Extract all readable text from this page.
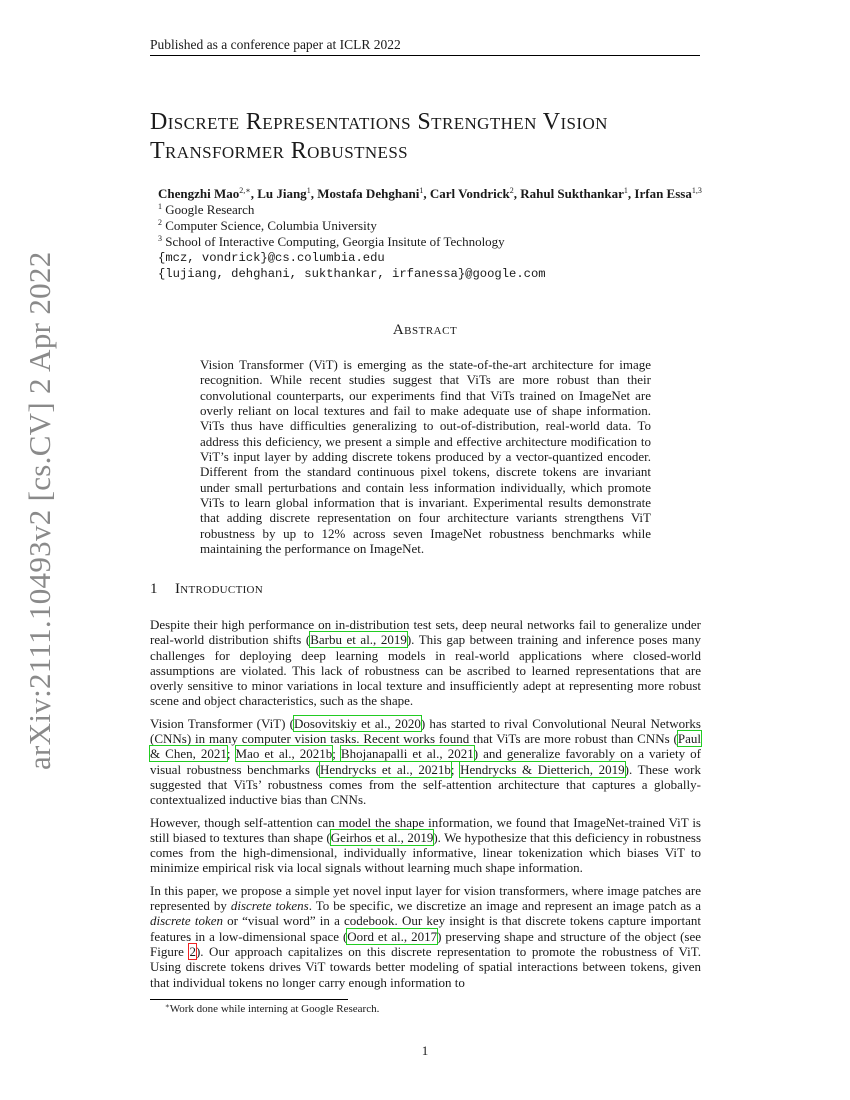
Published as a conference paper at ICLR 2022
arXiv:2111.10493v2 [cs.CV] 2 Apr 2022
Discrete Representations Strengthen Vision
Transformer Robustness
Chengzhi Mao$^{2,∗}$, Lu Jiang$^1$, Mostafa Dehghani$^1$, Carl Vondrick$^2$, Rahul Sukthankar$^1$, Irfan Essa$^{1,3}$
$^1$ Google Research
$^2$ Computer Science, Columbia University
$^3$ School of Interactive Computing, Georgia Insitute of Technology
{mcz, vondrick}@cs.columbia.edu
{lujiang, dehghani, sukthankar, irfanessa}@google.com
Abstract
Vision Transformer (ViT) is emerging as the state-of-the-art architecture for image recognition. While recent studies suggest that ViTs are more robust than their convolutional counterparts, our experiments find that ViTs trained on ImageNet are overly reliant on local textures and fail to make adequate use of shape information. ViTs thus have difficulties generalizing to out-of-distribution, real-world data. To address this deficiency, we present a simple and effective architecture modification to ViT’s input layer by adding discrete tokens produced by a vector-quantized encoder. Different from the standard continuous pixel tokens, discrete tokens are invariant under small perturbations and contain less information individually, which promote ViTs to learn global information that is invariant. Experimental results demonstrate that adding discrete representation on four architecture variants strengthens ViT robustness by up to 12% across seven ImageNet robustness benchmarks while maintaining the performance on ImageNet.
1 Introduction

Despite their high performance on in-distribution test sets, deep neural networks fail to generalize under real-world distribution shifts (Barbu et al., 2019). This gap between training and inference poses many challenges for deploying deep learning models in real-world applications where closed-world assumptions are violated. This lack of robustness can be ascribed to learned representations that are overly sensitive to minor variations in local texture and insufficiently adept at representing more robust scene and object characteristics, such as the shape.

Vision Transformer (ViT) (Dosovitskiy et al., 2020) has started to rival Convolutional Neural Networks (CNNs) in many computer vision tasks. Recent works found that ViTs are more robust than CNNs (Paul & Chen, 2021; Mao et al., 2021b; Bhojanapalli et al., 2021) and generalize favorably on a variety of visual robustness benchmarks (Hendrycks et al., 2021b; Hendrycks & Dietterich, 2019). These work suggested that ViTs’ robustness comes from the self-attention architecture that captures a globally-contextualized inductive bias than CNNs.

However, though self-attention can model the shape information, we found that ImageNet-trained ViT is still biased to textures than shape (Geirhos et al., 2019). We hypothesize that this deficiency in robustness comes from the high-dimensional, individually informative, linear tokenization which biases ViT to minimize empirical risk via local signals without learning much shape information.

In this paper, we propose a simple yet novel input layer for vision transformers, where image patches are represented by discrete tokens. To be specific, we discretize an image and represent an image patch as a discrete token or “visual word” in a codebook. Our key insight is that discrete tokens capture important features in a low-dimensional space (Oord et al., 2017) preserving shape and structure of the object (see Figure 2). Our approach capitalizes on this discrete representation to promote the robustness of ViT. Using discrete tokens drives ViT towards better modeling of spatial interactions between tokens, given that individual tokens no longer carry enough information to

∗Work done while interning at Google Research.
1
